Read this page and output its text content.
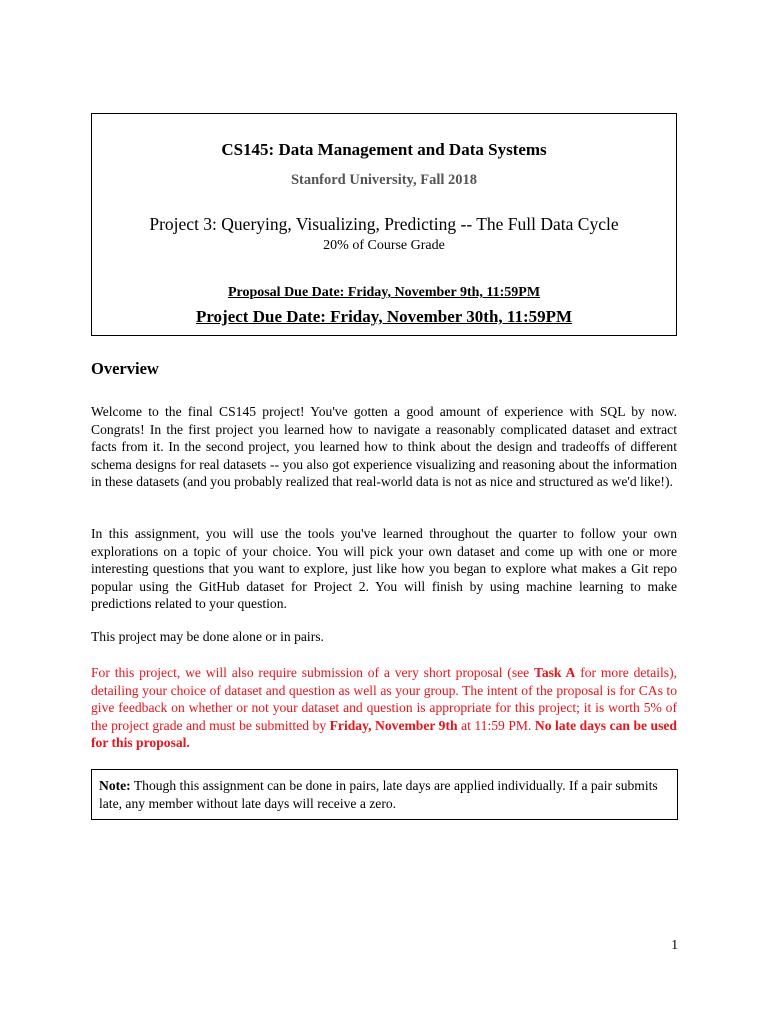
CS145: Data Management and Data Systems
Stanford University, Fall 2018
Project 3: Querying, Visualizing, Predicting -- The Full Data Cycle
20% of Course Grade
Proposal Due Date: Friday, November 9th, 11:59PM
Project Due Date: Friday, November 30th, 11:59PM
Overview

Welcome to the final CS145 project! You've gotten a good amount of experience with SQL by now. Congrats! In the first project you learned how to navigate a reasonably complicated dataset and extract facts from it. In the second project, you learned how to think about the design and tradeoffs of different schema designs for real datasets -- you also got experience visualizing and reasoning about the information in these datasets (and you probably realized that real-world data is not as nice and structured as we'd like!).

In this assignment, you will use the tools you've learned throughout the quarter to follow your own explorations on a topic of your choice. You will pick your own dataset and come up with one or more interesting questions that you want to explore, just like how you began to explore what makes a Git repo popular using the GitHub dataset for Project 2. You will finish by using machine learning to make predictions related to your question.

This project may be done alone or in pairs.

For this project, we will also require submission of a very short proposal (see Task A for more details), detailing your choice of dataset and question as well as your group. The intent of the proposal is for CAs to give feedback on whether or not your dataset and question is appropriate for this project; it is worth 5% of the project grade and must be submitted by Friday, November 9th at 11:59 PM. No late days can be used for this proposal.

Note: Though this assignment can be done in pairs, late days are applied individually. If a pair submits late, any member without late days will receive a zero.
1
